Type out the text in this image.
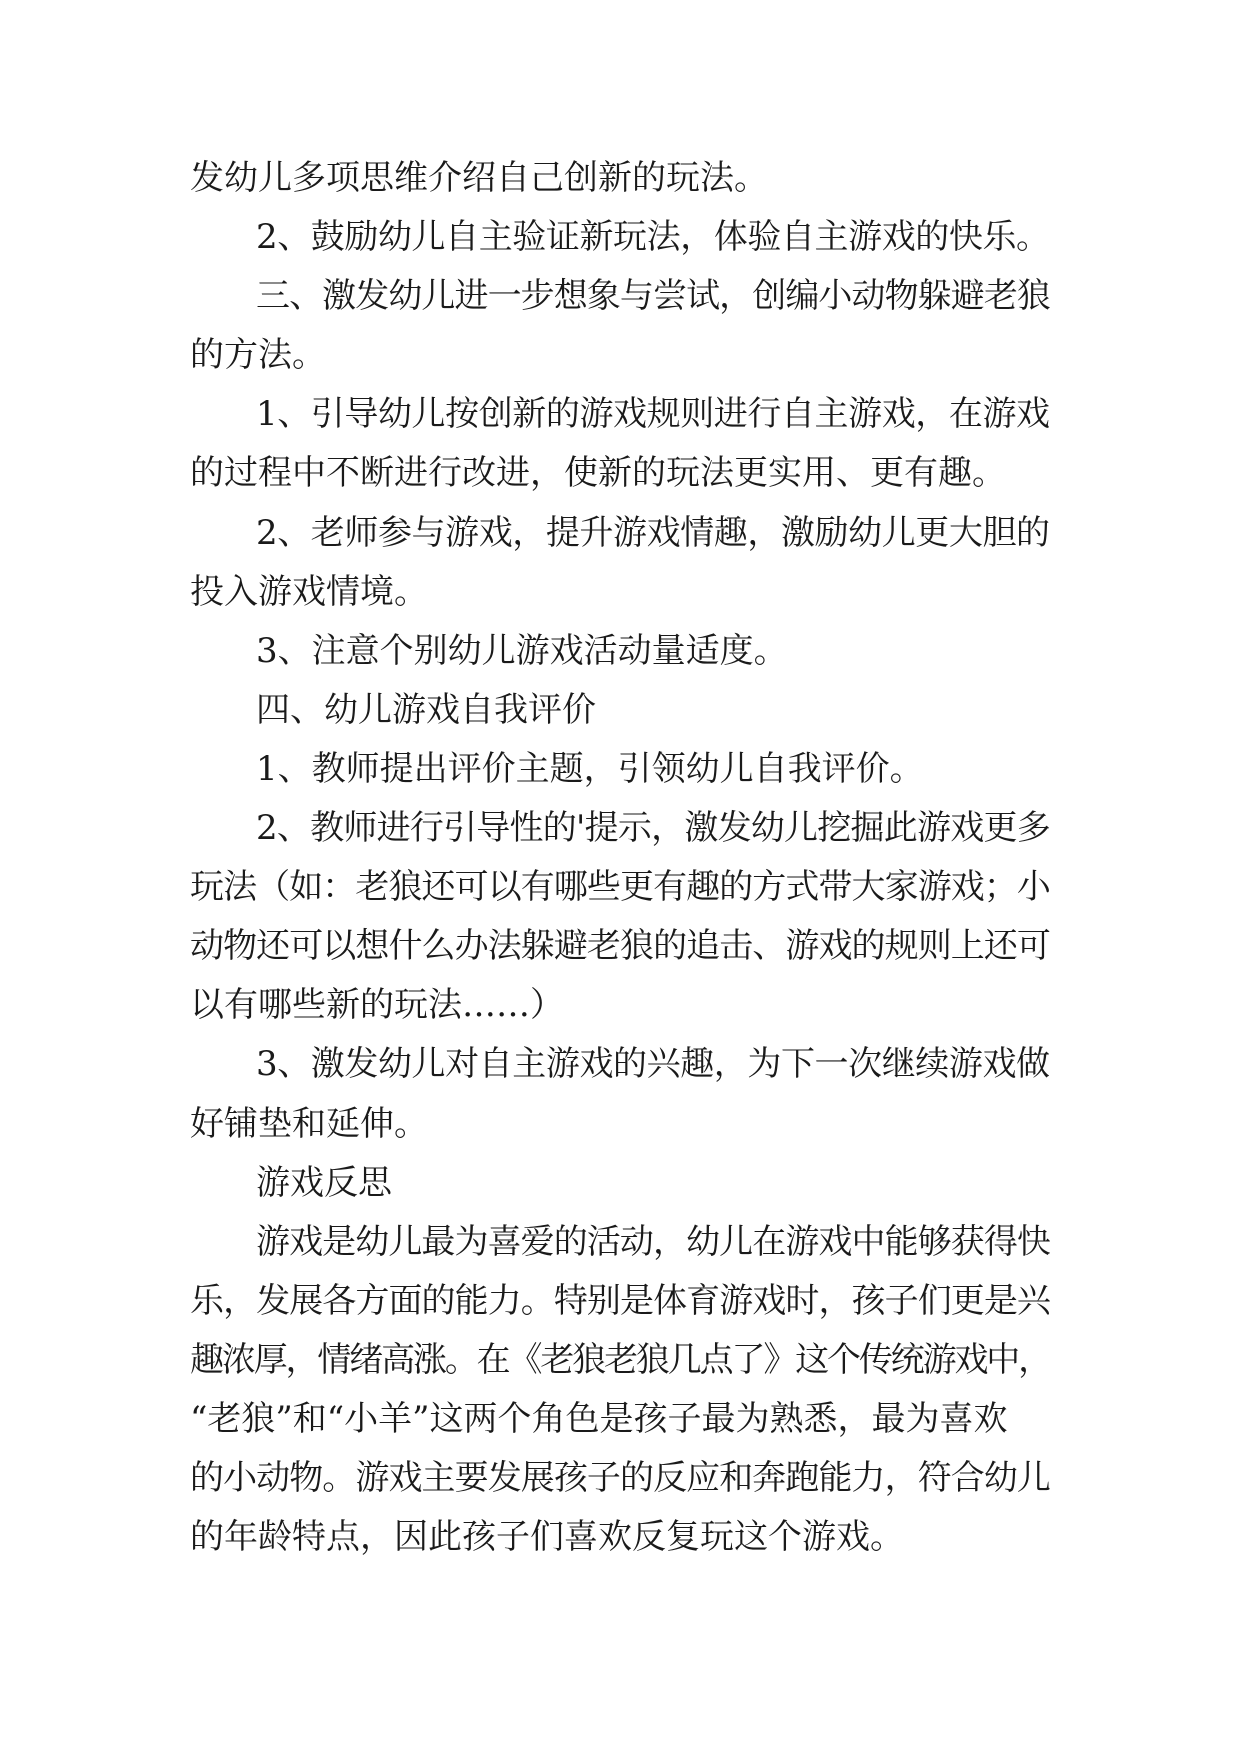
发幼儿多项思维介绍自己创新的玩法。
2、鼓励幼儿自主验证新玩法，体验自主游戏的快乐。
三、激发幼儿进一步想象与尝试，创编小动物躲避老狼
的方法。
1、引导幼儿按创新的游戏规则进行自主游戏，在游戏
的过程中不断进行改进，使新的玩法更实用、更有趣。
2、老师参与游戏，提升游戏情趣，激励幼儿更大胆的
投入游戏情境。
3、注意个别幼儿游戏活动量适度。
四、幼儿游戏自我评价
1、教师提出评价主题，引领幼儿自我评价。
2、教师进行引导性的'提示，激发幼儿挖掘此游戏更多
玩法（如：老狼还可以有哪些更有趣的方式带大家游戏；小
动物还可以想什么办法躲避老狼的追击、游戏的规则上还可
以有哪些新的玩法……）
3、激发幼儿对自主游戏的兴趣，为下一次继续游戏做
好铺垫和延伸。
游戏反思
游戏是幼儿最为喜爱的活动，幼儿在游戏中能够获得快
乐，发展各方面的能力。特别是体育游戏时，孩子们更是兴
趣浓厚，情绪高涨。在《老狼老狼几点了》这个传统游戏中，
“老狼”和“小羊”这两个角色是孩子最为熟悉，最为喜欢
的小动物。游戏主要发展孩子的反应和奔跑能力，符合幼儿
的年龄特点，因此孩子们喜欢反复玩这个游戏。
